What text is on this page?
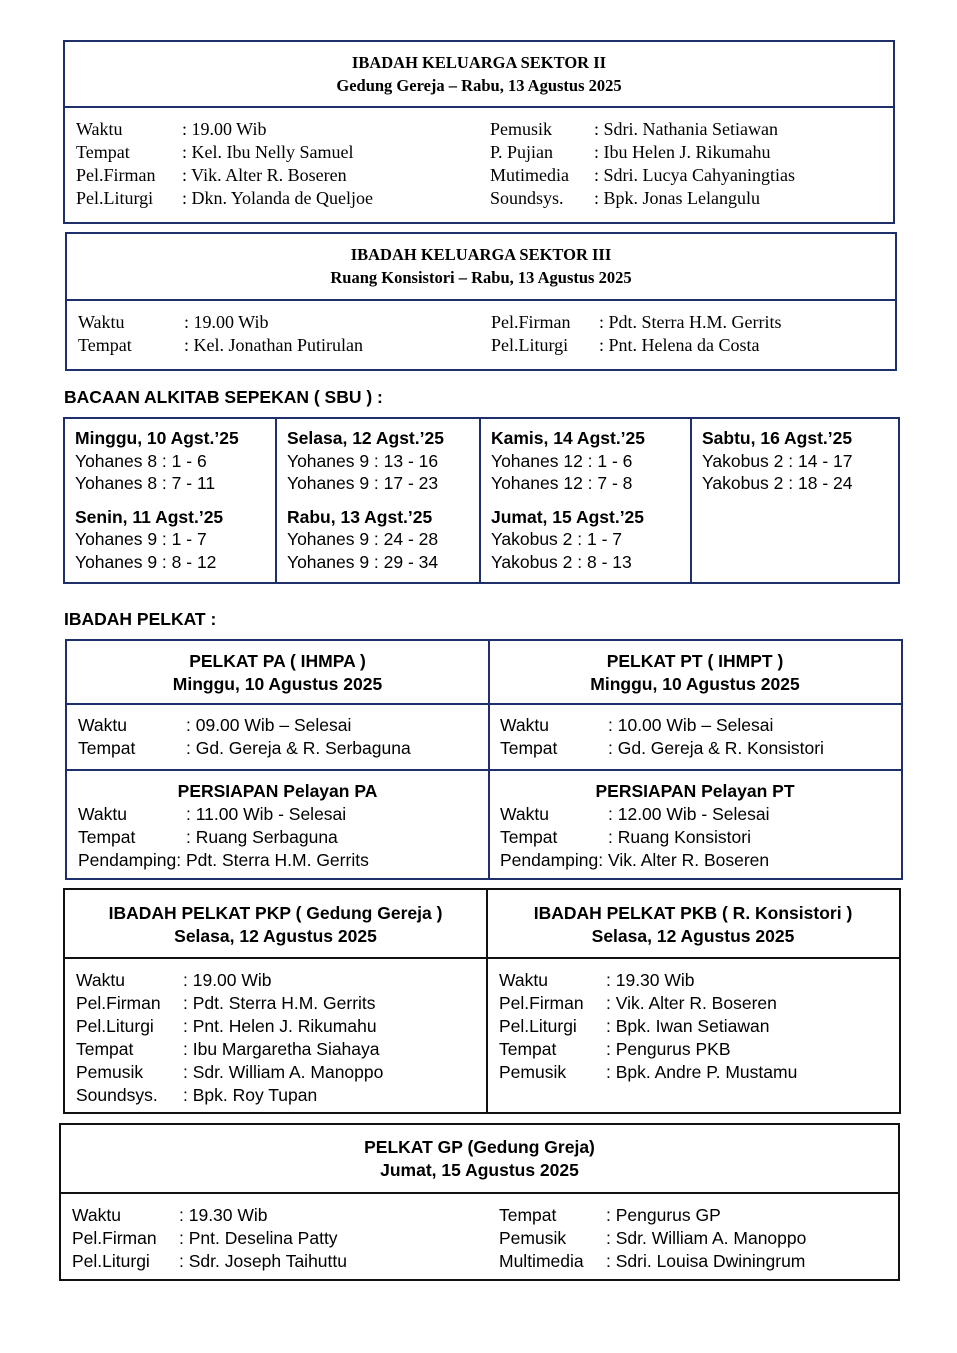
IBADAH KELUARGA SEKTOR II
Gedung Gereja – Rabu, 13 Agustus 2025
Waktu	: 19.00 Wib
Tempat	: Kel. Ibu Nelly Samuel
Pel.Firman	: Vik. Alter R. Boseren
Pel.Liturgi	: Dkn. Yolanda de Queljoe
Pemusik	: Sdri. Nathania Setiawan
P. Pujian	: Ibu Helen J. Rikumahu
Mutimedia	: Sdri. Lucya Cahyaningtias
Soundsys.	: Bpk. Jonas Lelangulu
IBADAH KELUARGA SEKTOR III
Ruang Konsistori – Rabu, 13 Agustus 2025
Waktu	: 19.00 Wib
Tempat	: Kel. Jonathan Putirulan
Pel.Firman	: Pdt. Sterra H.M. Gerrits
Pel.Liturgi	: Pnt. Helena da Costa
BACAAN ALKITAB SEPEKAN ( SBU ) :
Minggu, 10 Agst.’25
Yohanes 8 : 1 - 6
Yohanes 8 : 7 - 11
Senin, 11 Agst.’25
Yohanes 9 : 1 - 7
Yohanes 9 : 8 - 12
Selasa, 12 Agst.’25
Yohanes 9 : 13 - 16
Yohanes 9 : 17 - 23
Rabu, 13 Agst.’25
Yohanes 9 : 24 - 28
Yohanes 9 : 29 - 34
Kamis, 14 Agst.’25
Yohanes 12 : 1 - 6
Yohanes 12 : 7 - 8
Jumat, 15 Agst.’25
Yakobus 2 : 1 - 7
Yakobus 2 : 8 - 13
Sabtu, 16 Agst.’25
Yakobus 2 : 14 - 17
Yakobus 2 : 18 - 24
IBADAH PELKAT :
PELKAT PA ( IHMPA )
Minggu, 10 Agustus 2025
Waktu	: 09.00 Wib – Selesai
Tempat	: Gd. Gereja & R. Serbaguna
PERSIAPAN Pelayan PA
Waktu	: 11.00 Wib - Selesai
Tempat	: Ruang Serbaguna
Pendamping : Pdt. Sterra H.M. Gerrits
PELKAT PT ( IHMPT )
Minggu, 10 Agustus 2025
Waktu	: 10.00 Wib – Selesai
Tempat	: Gd. Gereja & R. Konsistori
PERSIAPAN Pelayan PT
Waktu	: 12.00 Wib - Selesai
Tempat	: Ruang Konsistori
Pendamping : Vik. Alter R. Boseren
IBADAH PELKAT PKP ( Gedung Gereja )
Selasa, 12 Agustus 2025
Waktu	: 19.00 Wib
Pel.Firman	: Pdt. Sterra H.M. Gerrits
Pel.Liturgi	: Pnt. Helen J. Rikumahu
Tempat	: Ibu Margaretha Siahaya
Pemusik	: Sdr. William A. Manoppo
Soundsys.	: Bpk. Roy Tupan
IBADAH PELKAT PKB ( R. Konsistori )
Selasa, 12 Agustus 2025
Waktu	: 19.30 Wib
Pel.Firman	: Vik. Alter R. Boseren
Pel.Liturgi	: Bpk. Iwan Setiawan
Tempat	: Pengurus PKB
Pemusik	: Bpk. Andre P. Mustamu
PELKAT GP (Gedung Greja)
Jumat, 15 Agustus 2025
Waktu	: 19.30 Wib
Pel.Firman	: Pnt. Deselina Patty
Pel.Liturgi	: Sdr. Joseph Taihuttu
Tempat	: Pengurus GP
Pemusik	: Sdr. William A. Manoppo
Multimedia	: Sdri. Louisa Dwiningrum
